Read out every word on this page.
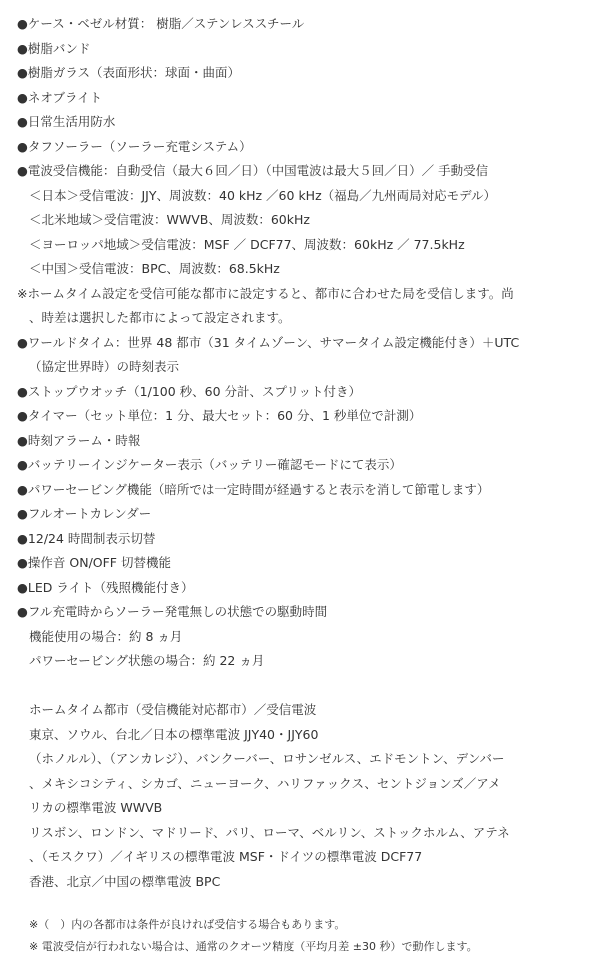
●ケース・ベゼル材質： 樹脂／ステンレススチール
●樹脂バンド
●樹脂ガラス（表面形状：球面・曲面）
●ネオブライト
●日常生活用防水
●タフソーラー（ソーラー充電システム）
●電波受信機能：自動受信（最大６回／日）（中国電波は最大５回／日）／ 手動受信
＜日本＞受信電波：JJY、周波数：40 kHz ／60 kHz（福島／九州両局対応モデル）
＜北米地域＞受信電波：WWVB、周波数：60kHz
＜ヨーロッパ地域＞受信電波：MSF ／ DCF77、周波数：60kHz ／ 77.5kHz
＜中国＞受信電波：BPC、周波数：68.5kHz
※ホームタイム設定を受信可能な都市に設定すると、都市に合わせた局を受信します。尚
、時差は選択した都市によって設定されます。
●ワールドタイム：世界 48 都市（31 タイムゾーン、サマータイム設定機能付き）＋UTC
（協定世界時）の時刻表示
●ストップウオッチ（1/100 秒、60 分計、スプリット付き）
●タイマー（セット単位：1 分、最大セット：60 分、1 秒単位で計測）
●時刻アラーム・時報
●バッテリーインジケーター表示（バッテリー確認モードにて表示）
●パワーセービング機能（暗所では一定時間が経過すると表示を消して節電します）
●フルオートカレンダー
●12/24 時間制表示切替
●操作音 ON/OFF 切替機能
●LED ライト（残照機能付き）
●フル充電時からソーラー発電無しの状態での駆動時間
機能使用の場合：約 8 ヵ月
パワーセービング状態の場合：約 22 ヵ月
ホームタイム都市（受信機能対応都市）／受信電波
東京、ソウル、台北／日本の標準電波 JJY40・JJY60
（ホノルル）、（アンカレジ）、バンクーバー、ロサンゼルス、エドモントン、デンバー
、メキシコシティ、シカゴ、ニューヨーク、ハリファックス、セントジョンズ／アメ
リカの標準電波 WWVB
リスボン、ロンドン、マドリード、パリ、ローマ、ベルリン、ストックホルム、アテネ
、（モスクワ）／イギリスの標準電波 MSF・ドイツの標準電波 DCF77
香港、北京／中国の標準電波 BPC
※（　）内の各都市は条件が良ければ受信する場合もあります。
※ 電波受信が行われない場合は、通常のクオーツ精度（平均月差 ±30 秒）で動作します。
